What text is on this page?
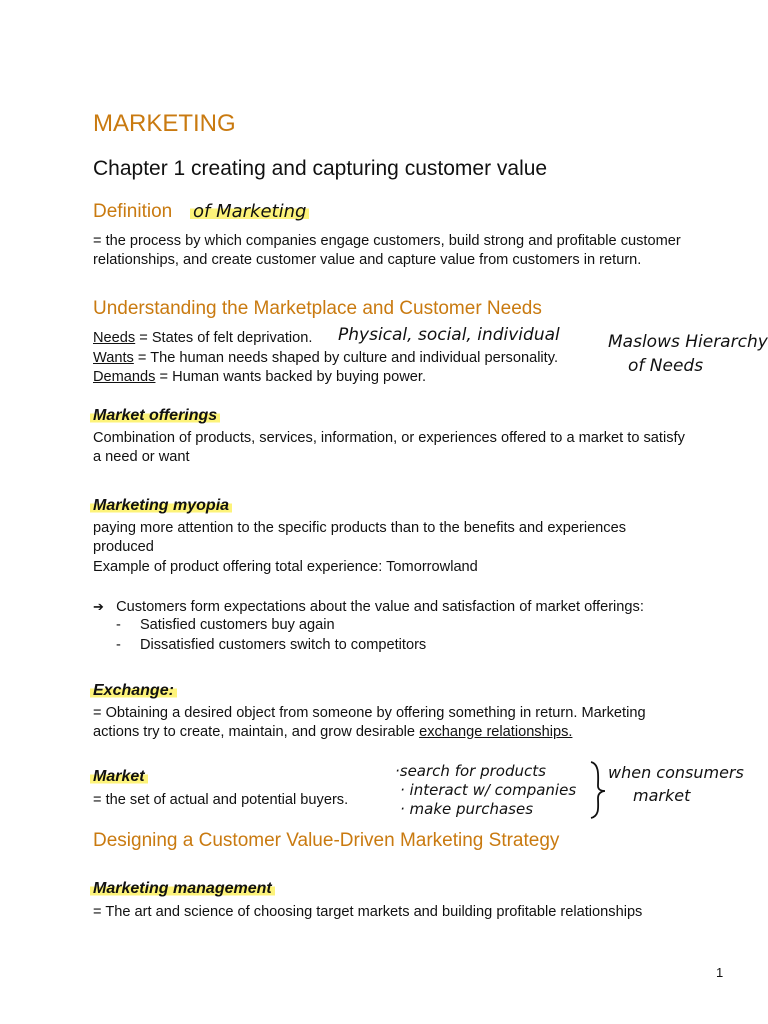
MARKETING
Chapter 1 creating and capturing customer value
Definition of Marketing
= the process by which companies engage customers, build strong and profitable customer
relationships, and create customer value and capture value from customers in return.
Understanding the Marketplace and Customer Needs
Needs = States of felt deprivation. Physical, social, individual
Wants = The human needs shaped by culture and individual personality.
Demands = Human wants backed by buying power.
Maslows Hierarchy
of Needs
Market offerings
Combination of products, services, information, or experiences offered to a market to satisfy
a need or want
Marketing myopia
paying more attention to the specific products than to the benefits and experiences
produced
Example of product offering total experience: Tomorrowland
➔ Customers form expectations about the value and satisfaction of market offerings:
- Satisfied customers buy again
- Dissatisfied customers switch to competitors
Exchange:
= Obtaining a desired object from someone by offering something in return. Marketing
actions try to create, maintain, and grow desirable exchange relationships.
Market
= the set of actual and potential buyers.
·search for products
· interact w/ companies
· make purchases
when consumers
market
Designing a Customer Value-Driven Marketing Strategy
Marketing management
= The art and science of choosing target markets and building profitable relationships
1
